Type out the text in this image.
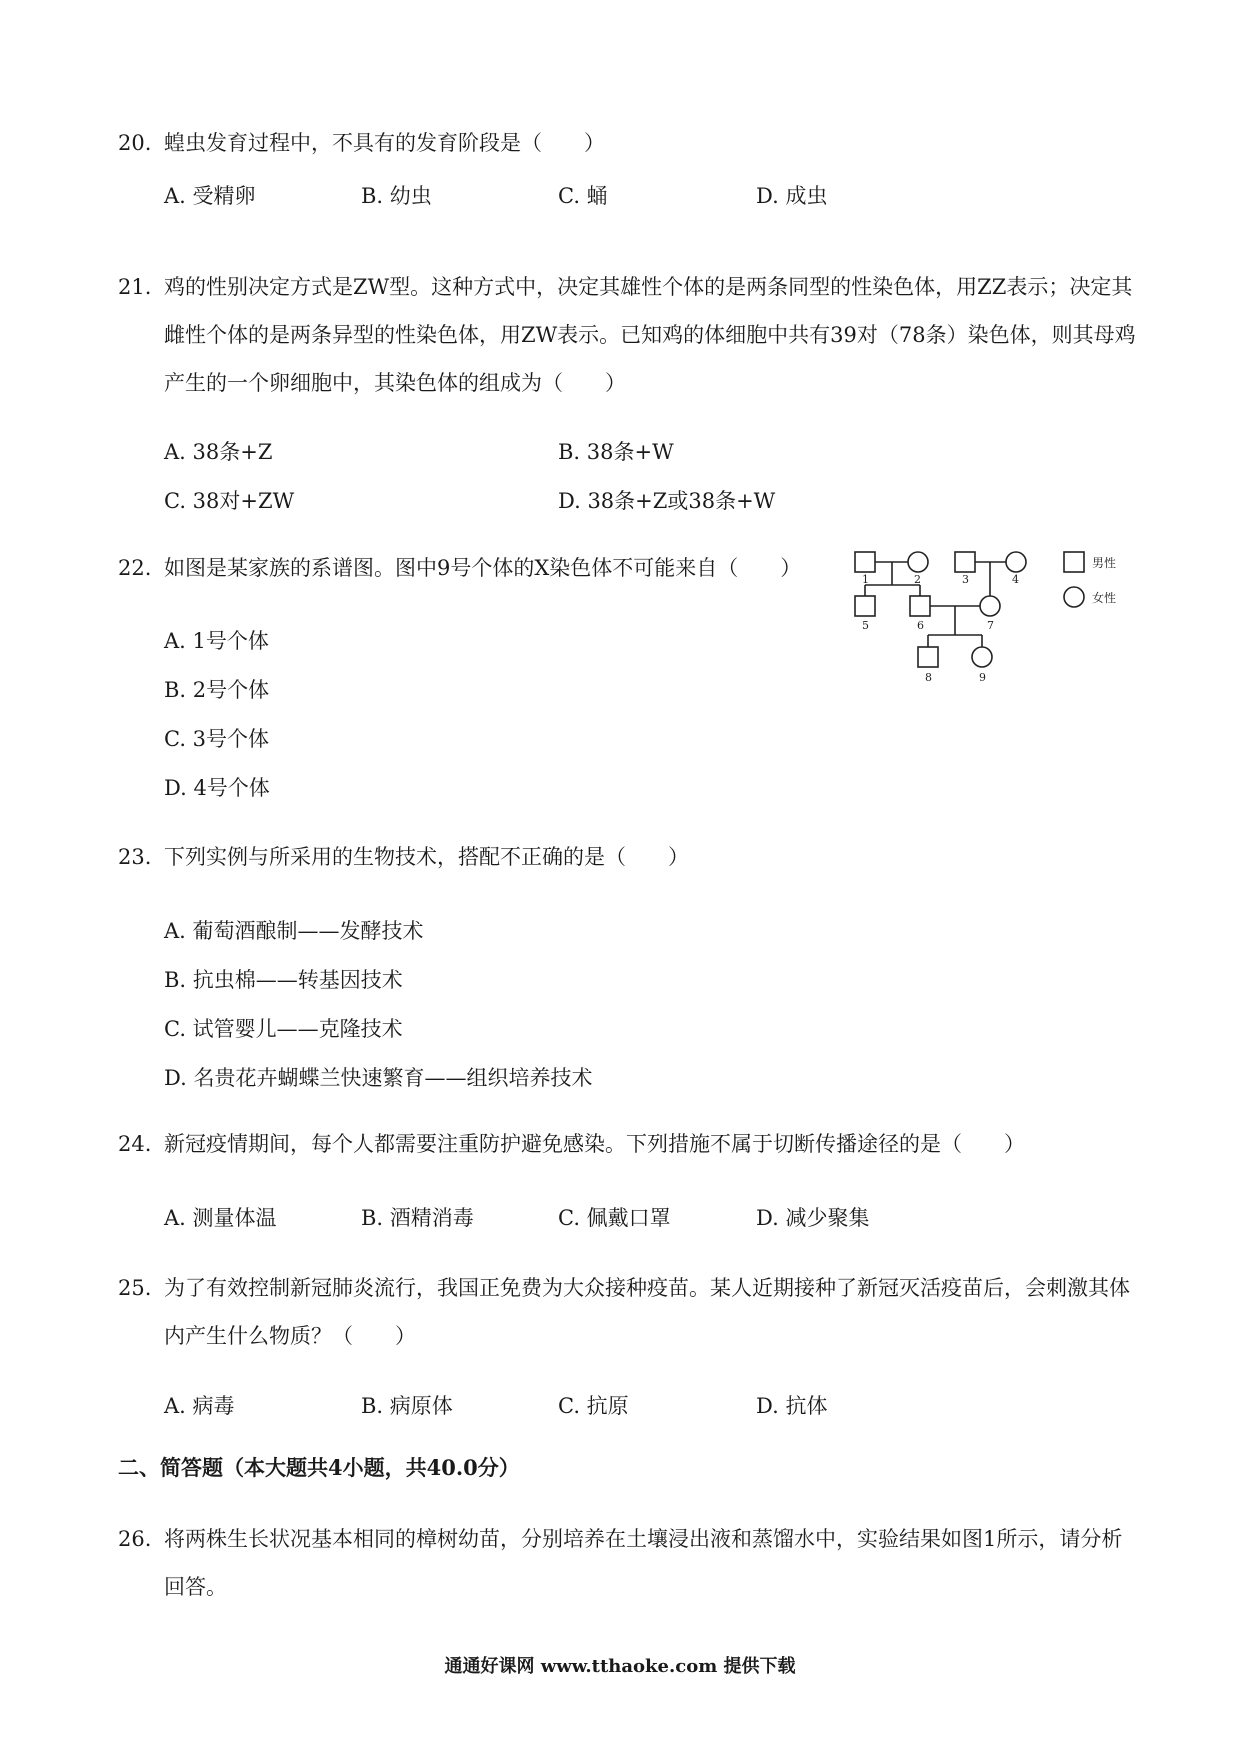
20. 蝗虫发育过程中，不具有的发育阶段是（　　）
A. 受精卵	B. 幼虫	C. 蛹	D. 成虫
21. 鸡的性别决定方式是ZW型。这种方式中，决定其雄性个体的是两条同型的性染色体，用ZZ表示；决定其雌性个体的是两条异型的性染色体，用ZW表示。已知鸡的体细胞中共有39对（78条）染色体，则其母鸡产生的一个卵细胞中，其染色体的组成为（　　）
A. 38条+Z	B. 38条+W
C. 38对+ZW	D. 38条+Z或38条+W
22. 如图是某家族的系谱图。图中9号个体的X染色体不可能来自（　　）
A. 1号个体
B. 2号个体
C. 3号个体
D. 4号个体
1	2	3	4
5	6	7
8	9
男性
女性
23. 下列实例与所采用的生物技术，搭配不正确的是（　　）
A. 葡萄酒酿制——发酵技术
B. 抗虫棉——转基因技术
C. 试管婴儿——克隆技术
D. 名贵花卉蝴蝶兰快速繁育——组织培养技术
24. 新冠疫情期间，每个人都需要注重防护避免感染。下列措施不属于切断传播途径的是（　　）
A. 测量体温	B. 酒精消毒	C. 佩戴口罩	D. 减少聚集
25. 为了有效控制新冠肺炎流行，我国正免费为大众接种疫苗。某人近期接种了新冠灭活疫苗后，会刺激其体内产生什么物质？（　　）
A. 病毒	B. 病原体	C. 抗原	D. 抗体
二、简答题（本大题共4小题，共40.0分）
26. 将两株生长状况基本相同的樟树幼苗，分别培养在土壤浸出液和蒸馏水中，实验结果如图1所示，请分析回答。
通通好课网 www.tthaoke.com 提供下载
